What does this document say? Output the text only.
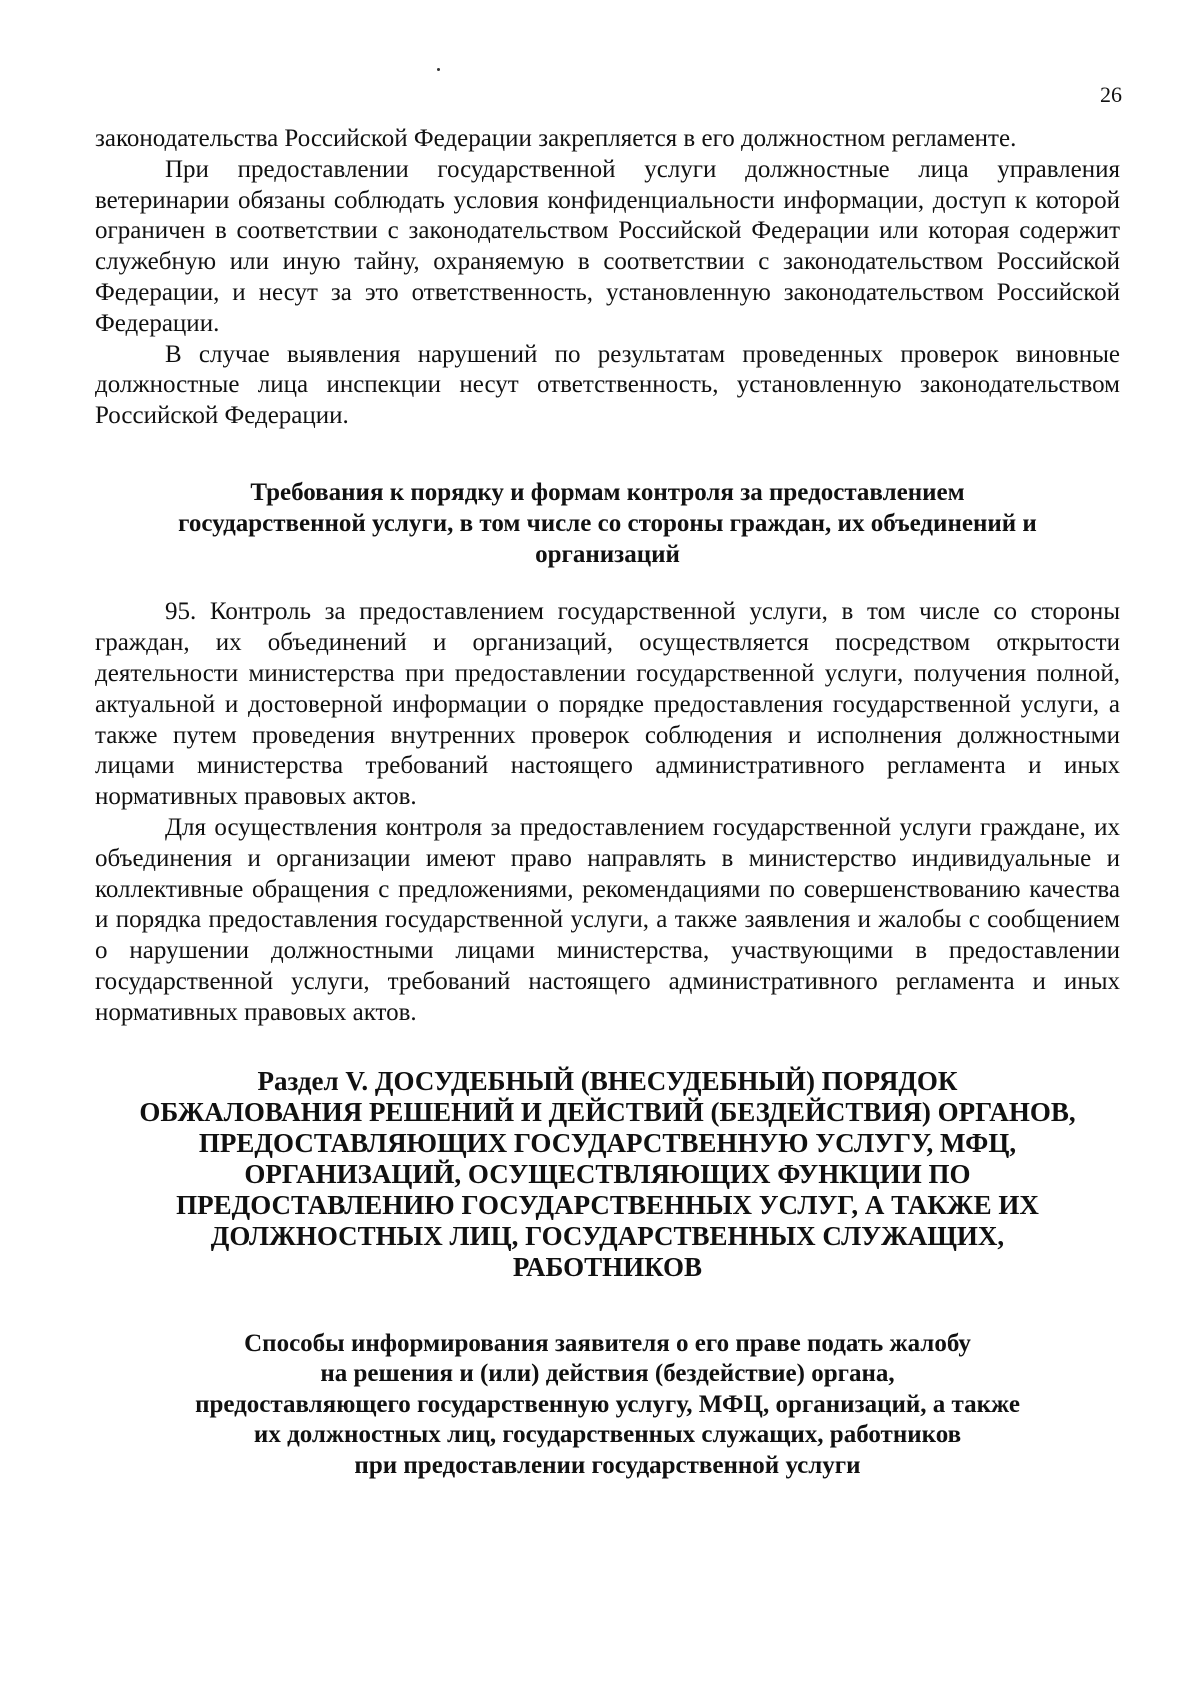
26

законодательства Российской Федерации закрепляется в его должностном регламенте.

При предоставлении государственной услуги должностные лица управления ветеринарии обязаны соблюдать условия конфиденциальности информации, доступ к которой ограничен в соответствии с законодательством Российской Федерации или которая содержит служебную или иную тайну, охраняемую в соответствии с законодательством Российской Федерации, и несут за это ответственность, установленную законодательством Российской Федерации.

В случае выявления нарушений по результатам проведенных проверок виновные должностные лица инспекции несут ответственность, установленную законодательством Российской Федерации.

Требования к порядку и формам контроля за предоставлением
государственной услуги, в том числе со стороны граждан, их объединений и
организаций

95. Контроль за предоставлением государственной услуги, в том числе со стороны граждан, их объединений и организаций, осуществляется посредством открытости деятельности министерства при предоставлении государственной услуги, получения полной, актуальной и достоверной информации о порядке предоставления государственной услуги, а также путем проведения внутренних проверок соблюдения и исполнения должностными лицами министерства требований настоящего административного регламента и иных нормативных правовых актов.

Для осуществления контроля за предоставлением государственной услуги граждане, их объединения и организации имеют право направлять в министерство индивидуальные и коллективные обращения с предложениями, рекомендациями по совершенствованию качества и порядка предоставления государственной услуги, а также заявления и жалобы с сообщением о нарушении должностными лицами министерства, участвующими в предоставлении государственной услуги, требований настоящего административного регламента и иных нормативных правовых актов.

Раздел V. ДОСУДЕБНЫЙ (ВНЕСУДЕБНЫЙ) ПОРЯДОК
ОБЖАЛОВАНИЯ РЕШЕНИЙ И ДЕЙСТВИЙ (БЕЗДЕЙСТВИЯ) ОРГАНОВ,
ПРЕДОСТАВЛЯЮЩИХ ГОСУДАРСТВЕННУЮ УСЛУГУ, МФЦ,
ОРГАНИЗАЦИЙ, ОСУЩЕСТВЛЯЮЩИХ ФУНКЦИИ ПО
ПРЕДОСТАВЛЕНИЮ ГОСУДАРСТВЕННЫХ УСЛУГ, А ТАКЖЕ ИХ
ДОЛЖНОСТНЫХ ЛИЦ, ГОСУДАРСТВЕННЫХ СЛУЖАЩИХ,
РАБОТНИКОВ
Способы информирования заявителя о его праве подать жалобу
на решения и (или) действия (бездействие) органа,
предоставляющего государственную услугу, МФЦ, организаций, а также
их должностных лиц, государственных служащих, работников
при предоставлении государственной услуги
